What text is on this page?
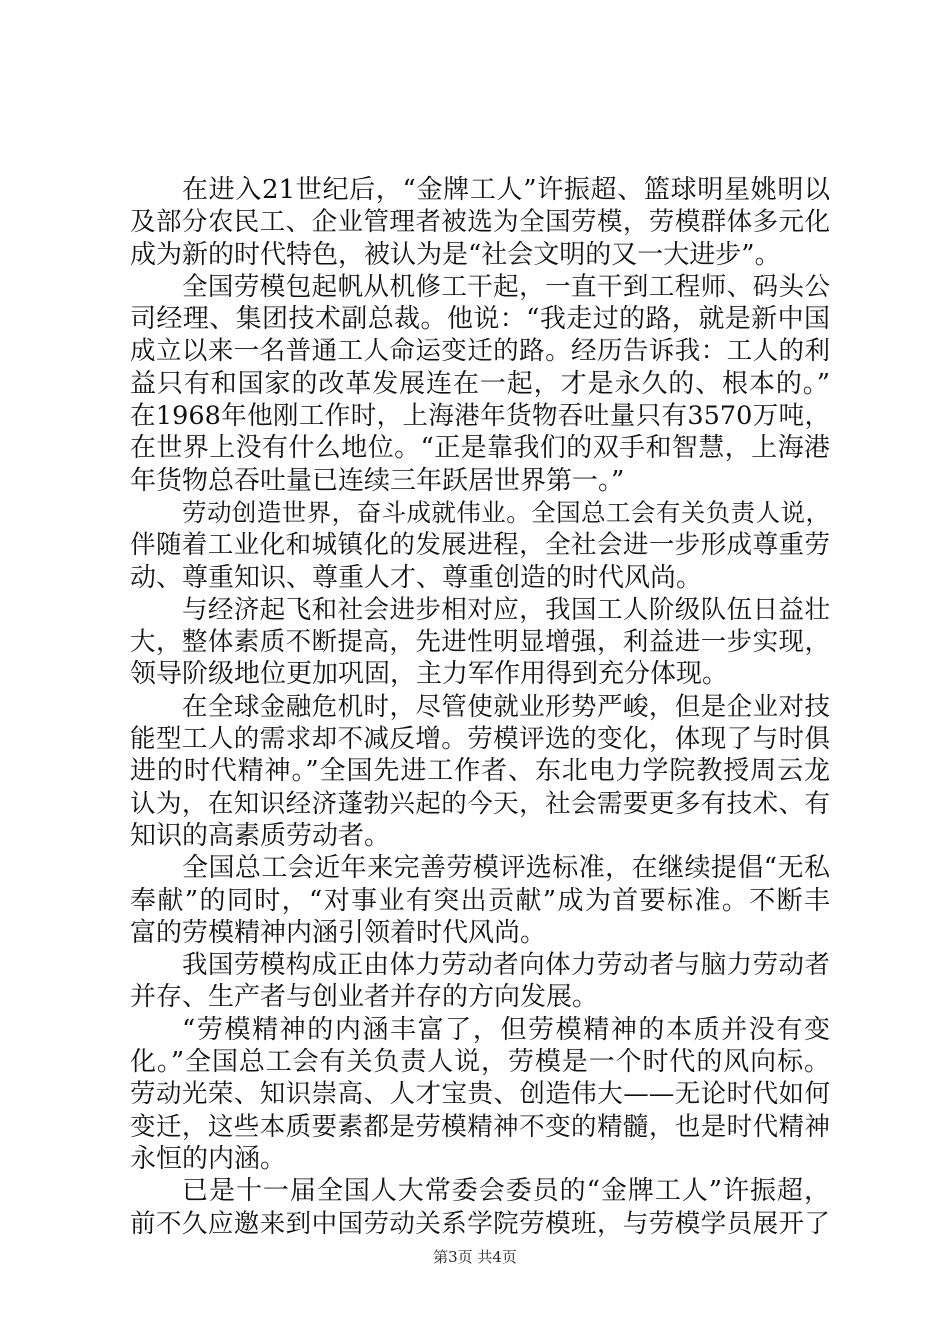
在进入21世纪后，“金牌工人”许振超、篮球明星姚明以
及部分农民工、企业管理者被选为全国劳模，劳模群体多元化
成为新的时代特色，被认为是“社会文明的又一大进步”。
全国劳模包起帆从机修工干起，一直干到工程师、码头公
司经理、集团技术副总裁。他说：“我走过的路，就是新中国
成立以来一名普通工人命运变迁的路。经历告诉我：工人的利
益只有和国家的改革发展连在一起，才是永久的、根本的。”
在1968年他刚工作时，上海港年货物吞吐量只有3570万吨，
在世界上没有什么地位。“正是靠我们的双手和智慧，上海港
年货物总吞吐量已连续三年跃居世界第一。”
劳动创造世界，奋斗成就伟业。全国总工会有关负责人说，
伴随着工业化和城镇化的发展进程，全社会进一步形成尊重劳
动、尊重知识、尊重人才、尊重创造的时代风尚。
与经济起飞和社会进步相对应，我国工人阶级队伍日益壮
大，整体素质不断提高，先进性明显增强，利益进一步实现，
领导阶级地位更加巩固，主力军作用得到充分体现。
在全球金融危机时，尽管使就业形势严峻，但是企业对技
能型工人的需求却不减反增。劳模评选的变化，体现了与时俱
进的时代精神。”全国先进工作者、东北电力学院教授周云龙
认为，在知识经济蓬勃兴起的今天，社会需要更多有技术、有
知识的高素质劳动者。
全国总工会近年来完善劳模评选标准，在继续提倡“无私
奉献”的同时，“对事业有突出贡献”成为首要标准。不断丰
富的劳模精神内涵引领着时代风尚。
我国劳模构成正由体力劳动者向体力劳动者与脑力劳动者
并存、生产者与创业者并存的方向发展。
“劳模精神的内涵丰富了，但劳模精神的本质并没有变
化。”全国总工会有关负责人说，劳模是一个时代的风向标。
劳动光荣、知识崇高、人才宝贵、创造伟大——无论时代如何
变迁，这些本质要素都是劳模精神不变的精髓，也是时代精神
永恒的内涵。
已是十一届全国人大常委会委员的“金牌工人”许振超，
前不久应邀来到中国劳动关系学院劳模班，与劳模学员展开了
第3页 共4页
